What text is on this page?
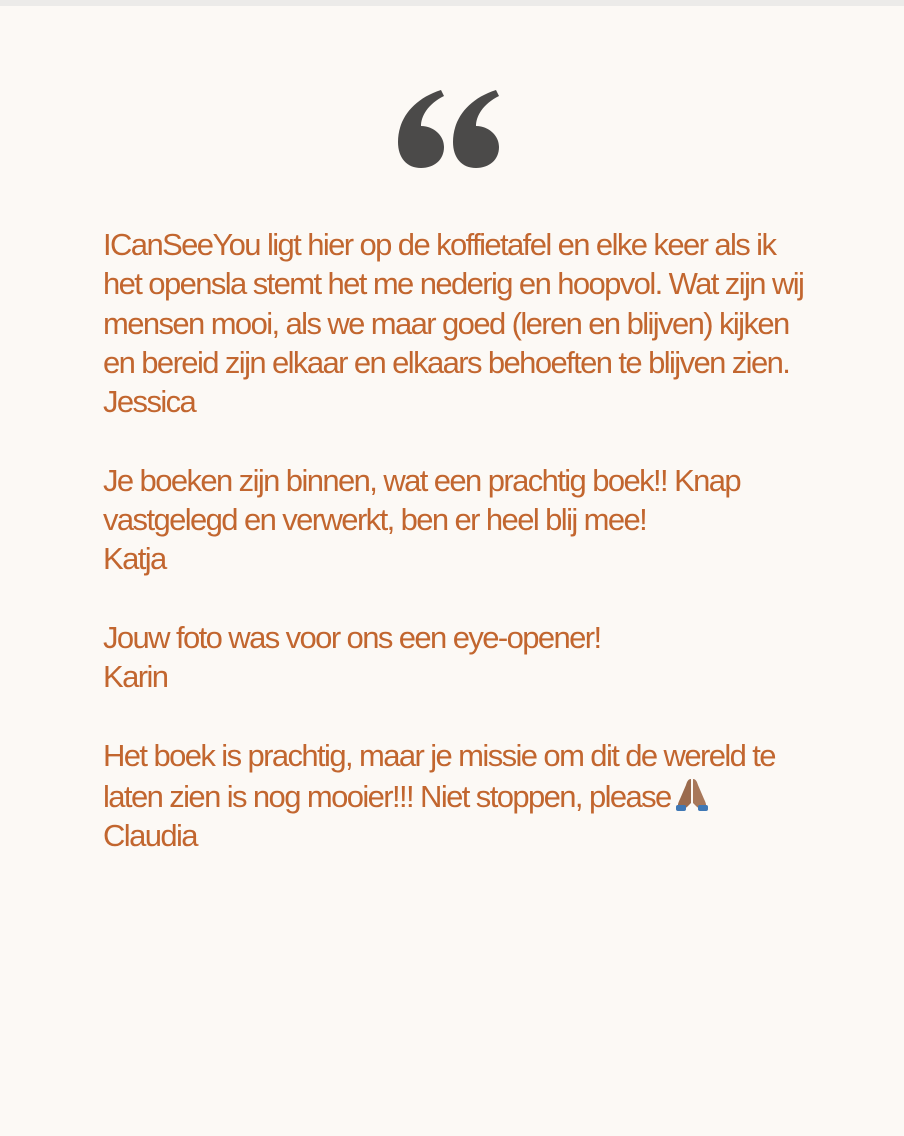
ICanSeeYou ligt hier op de koffietafel en elke keer als ik het opensla stemt het me nederig en hoopvol. Wat zijn wij mensen mooi, als we maar goed (leren en blijven) kijken en bereid zijn elkaar en elkaars behoeften te blijven zien.

Jessica

Je boeken zijn binnen, wat een prachtig boek!! Knap vastgelegd en verwerkt, ben er heel blij mee!

Katja

Jouw foto was voor ons een eye-opener!

Karin

Het boek is prachtig, maar je missie om dit de wereld te laten zien is nog mooier!!! Niet stoppen, please

Claudia
